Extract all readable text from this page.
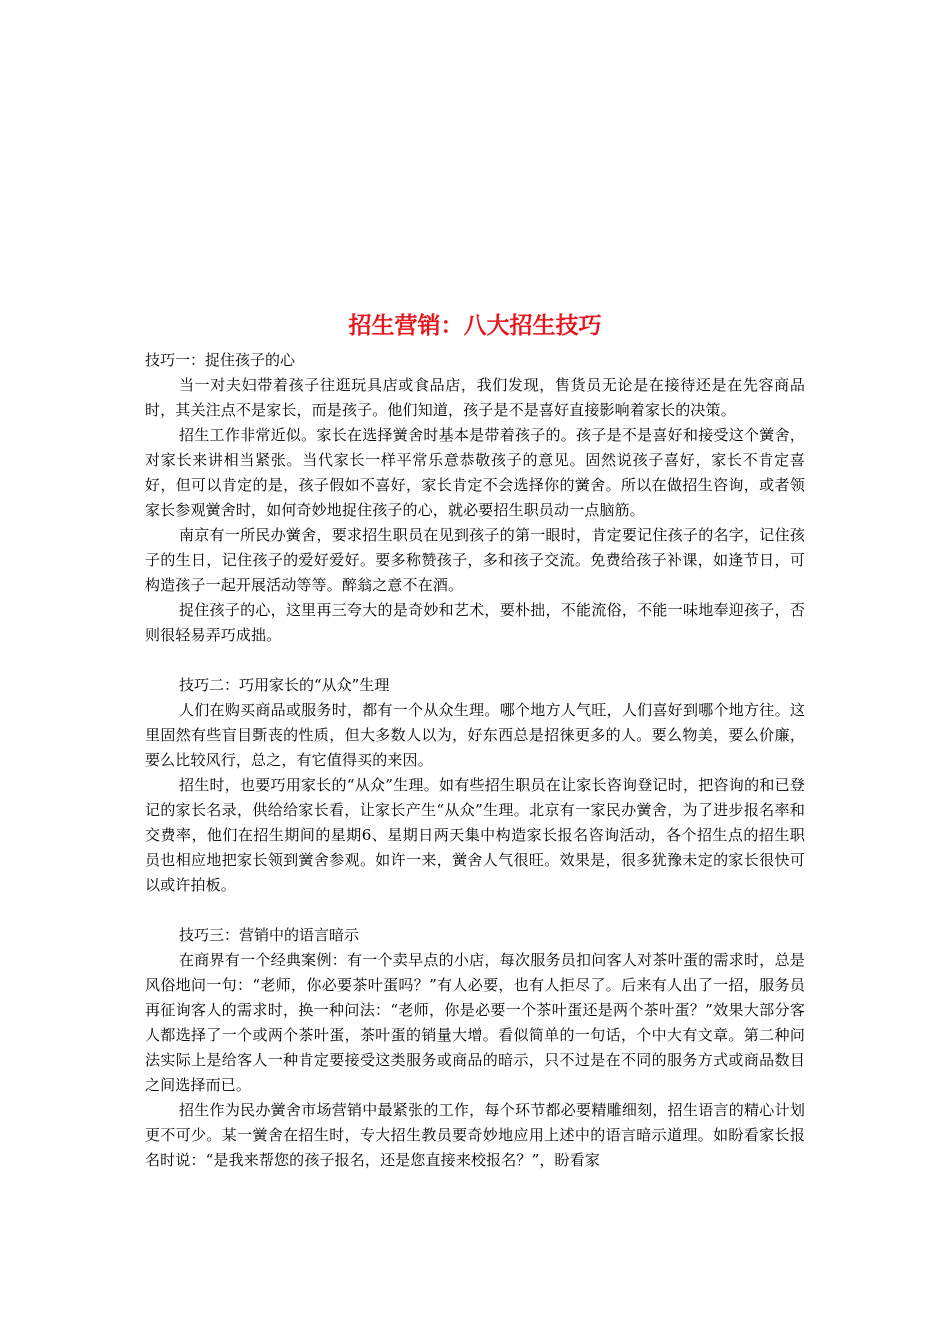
招生营销：八大招生技巧

技巧一：捉住孩子的心

当一对夫妇带着孩子往逛玩具店或食品店，我们发现，售货员无论是在接待还是在先容商品时，其关注点不是家长，而是孩子。他们知道，孩子是不是喜好直接影响着家长的决策。

招生工作非常近似。家长在选择黉舍时基本是带着孩子的。孩子是不是喜好和接受这个黉舍，对家长来讲相当紧张。当代家长一样平常乐意恭敬孩子的意见。固然说孩子喜好，家长不肯定喜好，但可以肯定的是，孩子假如不喜好，家长肯定不会选择你的黉舍。所以在做招生咨询，或者领家长参观黉舍时，如何奇妙地捉住孩子的心，就必要招生职员动一点脑筋。

南京有一所民办黉舍，要求招生职员在见到孩子的第一眼时，肯定要记住孩子的名字，记住孩子的生日，记住孩子的爱好爱好。要多称赞孩子，多和孩子交流。免费给孩子补课，如逢节日，可构造孩子一起开展活动等等。醉翁之意不在酒。

捉住孩子的心，这里再三夸大的是奇妙和艺术，要朴拙，不能流俗，不能一味地奉迎孩子，否则很轻易弄巧成拙。

技巧二：巧用家长的“从众”生理

人们在购买商品或服务时，都有一个从众生理。哪个地方人气旺，人们喜好到哪个地方往。这里固然有些盲目斲丧的性质，但大多数人以为，好东西总是招徕更多的人。要么物美，要么价廉，要么比较风行，总之，有它值得买的来因。

招生时，也要巧用家长的“从众”生理。如有些招生职员在让家长咨询登记时，把咨询的和已登记的家长名录，供给给家长看，让家长产生“从众”生理。北京有一家民办黉舍，为了进步报名率和交费率，他们在招生期间的星期6、星期日两天集中构造家长报名咨询活动，各个招生点的招生职员也相应地把家长领到黉舍参观。如许一来，黉舍人气很旺。效果是，很多犹豫未定的家长很快可以或许拍板。

技巧三：营销中的语言暗示

在商界有一个经典案例：有一个卖早点的小店，每次服务员扣问客人对茶叶蛋的需求时，总是风俗地问一句：“老师，你必要茶叶蛋吗？”有人必要，也有人拒尽了。后来有人出了一招，服务员再征询客人的需求时，换一种问法：“老师，你是必要一个茶叶蛋还是两个茶叶蛋？”效果大部分客人都选择了一个或两个茶叶蛋，茶叶蛋的销量大增。看似简单的一句话，个中大有文章。第二种问法实际上是给客人一种肯定要接受这类服务或商品的暗示，只不过是在不同的服务方式或商品数目之间选择而已。

招生作为民办黉舍市场营销中最紧张的工作，每个环节都必要精雕细刻，招生语言的精心计划更不可少。某一黉舍在招生时，专大招生教员要奇妙地应用上述中的语言暗示道理。如盼看家长报名时说：“是我来帮您的孩子报名，还是您直接来校报名？”，盼看家
